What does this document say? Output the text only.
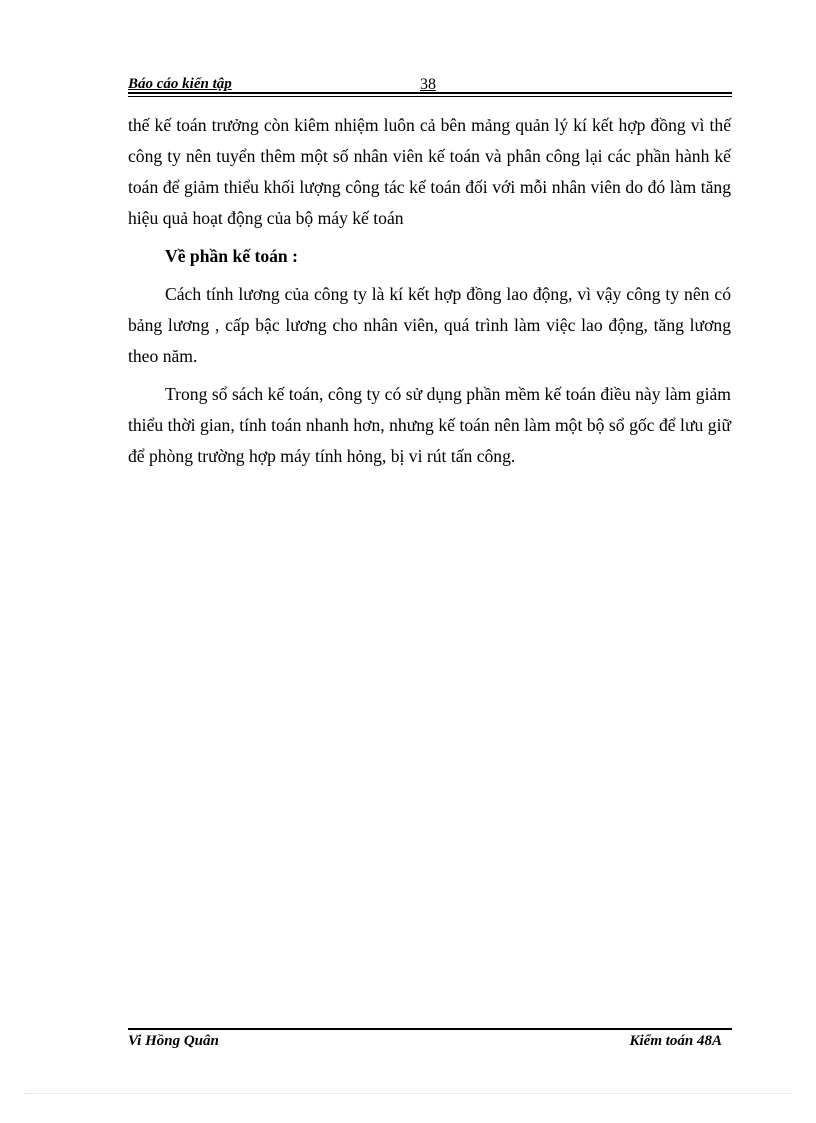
Báo cáo kiến tập	38

thế kế toán trưởng còn kiêm nhiệm luôn cả bên mảng quản lý kí kết hợp đồng vì thế công ty nên tuyển thêm một số nhân viên kế toán và phân công lại các phần hành kế toán để giảm thiểu khối lượng công tác kế toán đối với mỗi nhân viên do đó làm tăng hiệu quả hoạt động của bộ máy kế toán

Về phần kế toán :

Cách tính lương của công ty là kí kết hợp đồng lao động, vì vậy công ty nên có bảng lương , cấp bậc lương cho nhân viên, quá trình làm việc lao động, tăng lương theo năm.

Trong sổ sách kế toán, công ty có sử dụng phần mềm kế toán điều này làm giảm thiểu thời gian, tính toán nhanh hơn, nhưng kế toán nên làm một bộ sổ gốc để lưu giữ để phòng trường hợp máy tính hỏng, bị vi rút tấn công.

Vi Hồng Quân	Kiểm toán 48A
